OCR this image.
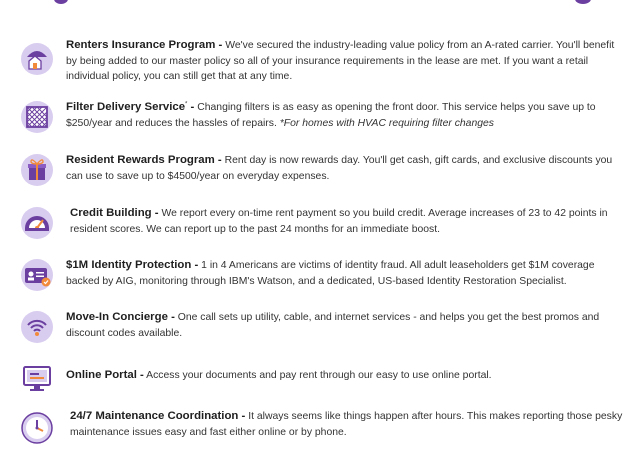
Renters Insurance Program - We've secured the industry-leading value policy from an A-rated carrier. You'll benefit by being added to our master policy so all of your insurance requirements in the lease are met. If you want a retail individual policy, you can still get that at any time.
Filter Delivery Service* - Changing filters is as easy as opening the front door. This service helps you save up to $250/year and reduces the hassles of repairs. *For homes with HVAC requiring filter changes
Resident Rewards Program - Rent day is now rewards day. You'll get cash, gift cards, and exclusive discounts you can use to save up to $4500/year on everyday expenses.
Credit Building - We report every on-time rent payment so you build credit. Average increases of 23 to 42 points in resident scores. We can report up to the past 24 months for an immediate boost.
$1M Identity Protection - 1 in 4 Americans are victims of identity fraud. All adult leaseholders get $1M coverage backed by AIG, monitoring through IBM's Watson, and a dedicated, US-based Identity Restoration Specialist.
Move-In Concierge - One call sets up utility, cable, and internet services - and helps you get the best promos and discount codes available.
Online Portal - Access your documents and pay rent through our easy to use online portal.
24/7 Maintenance Coordination - It always seems like things happen after hours. This makes reporting those pesky maintenance issues easy and fast either online or by phone.
